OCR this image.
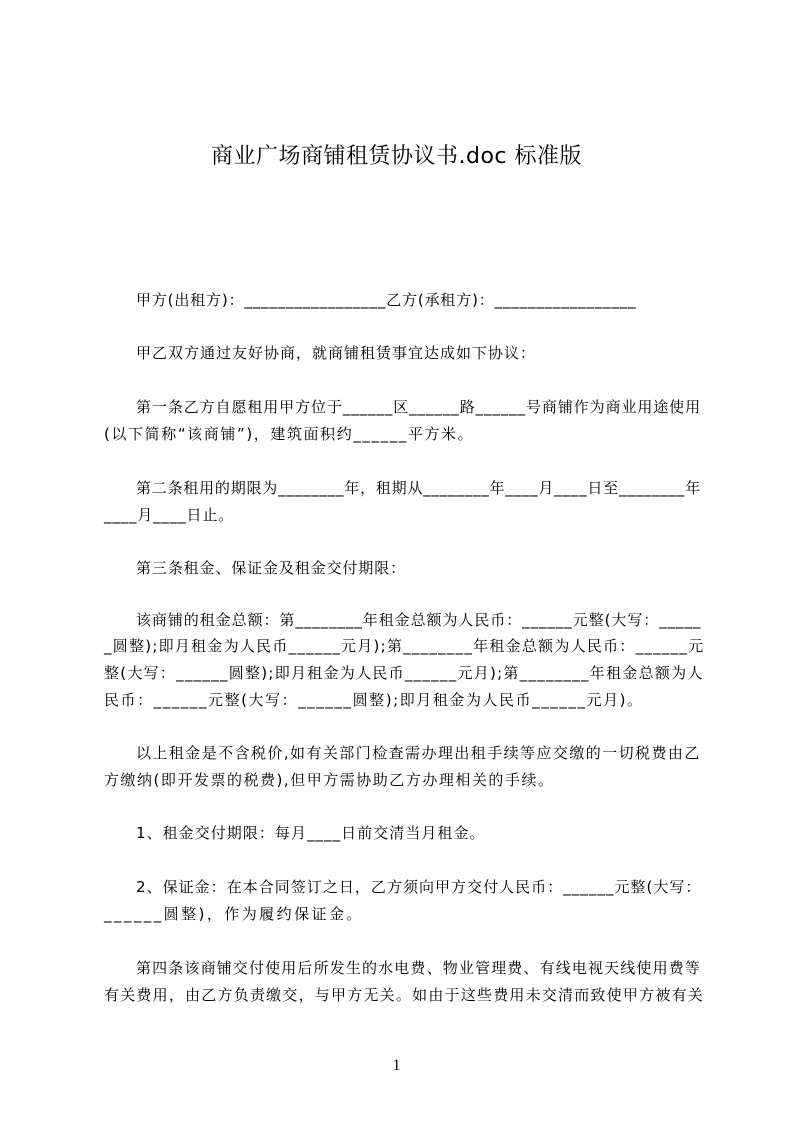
商业广场商铺租赁协议书.doc 标准版
甲方(出租方)：_________________乙方(承租方)：_________________
甲乙双方通过友好协商，就商铺租赁事宜达成如下协议：
第一条乙方自愿租用甲方位于______区______路______号商铺作为商业用途使用
(以下简称“该商铺”)，建筑面积约______平方米。
第二条租用的期限为________年，租期从________年____月____日至________年
____月____日止。
第三条租金、保证金及租金交付期限：
该商铺的租金总额：第________年租金总额为人民币：______元整(大写：_____
_圆整);即月租金为人民币______元月);第________年租金总额为人民币：______元
整(大写：______圆整);即月租金为人民币______元月);第________年租金总额为人
民币：______元整(大写：______圆整);即月租金为人民币______元月)。
以上租金是不含税价,如有关部门检查需办理出租手续等应交缴的一切税费由乙
方缴纳(即开发票的税费),但甲方需协助乙方办理相关的手续。
1、租金交付期限：每月____日前交清当月租金。
2、保证金：在本合同签订之日，乙方须向甲方交付人民币：______元整(大写：
______圆整)，作为履约保证金。
第四条该商铺交付使用后所发生的水电费、物业管理费、有线电视天线使用费等
有关费用，由乙方负责缴交，与甲方无关。如由于这些费用未交清而致使甲方被有关
1
